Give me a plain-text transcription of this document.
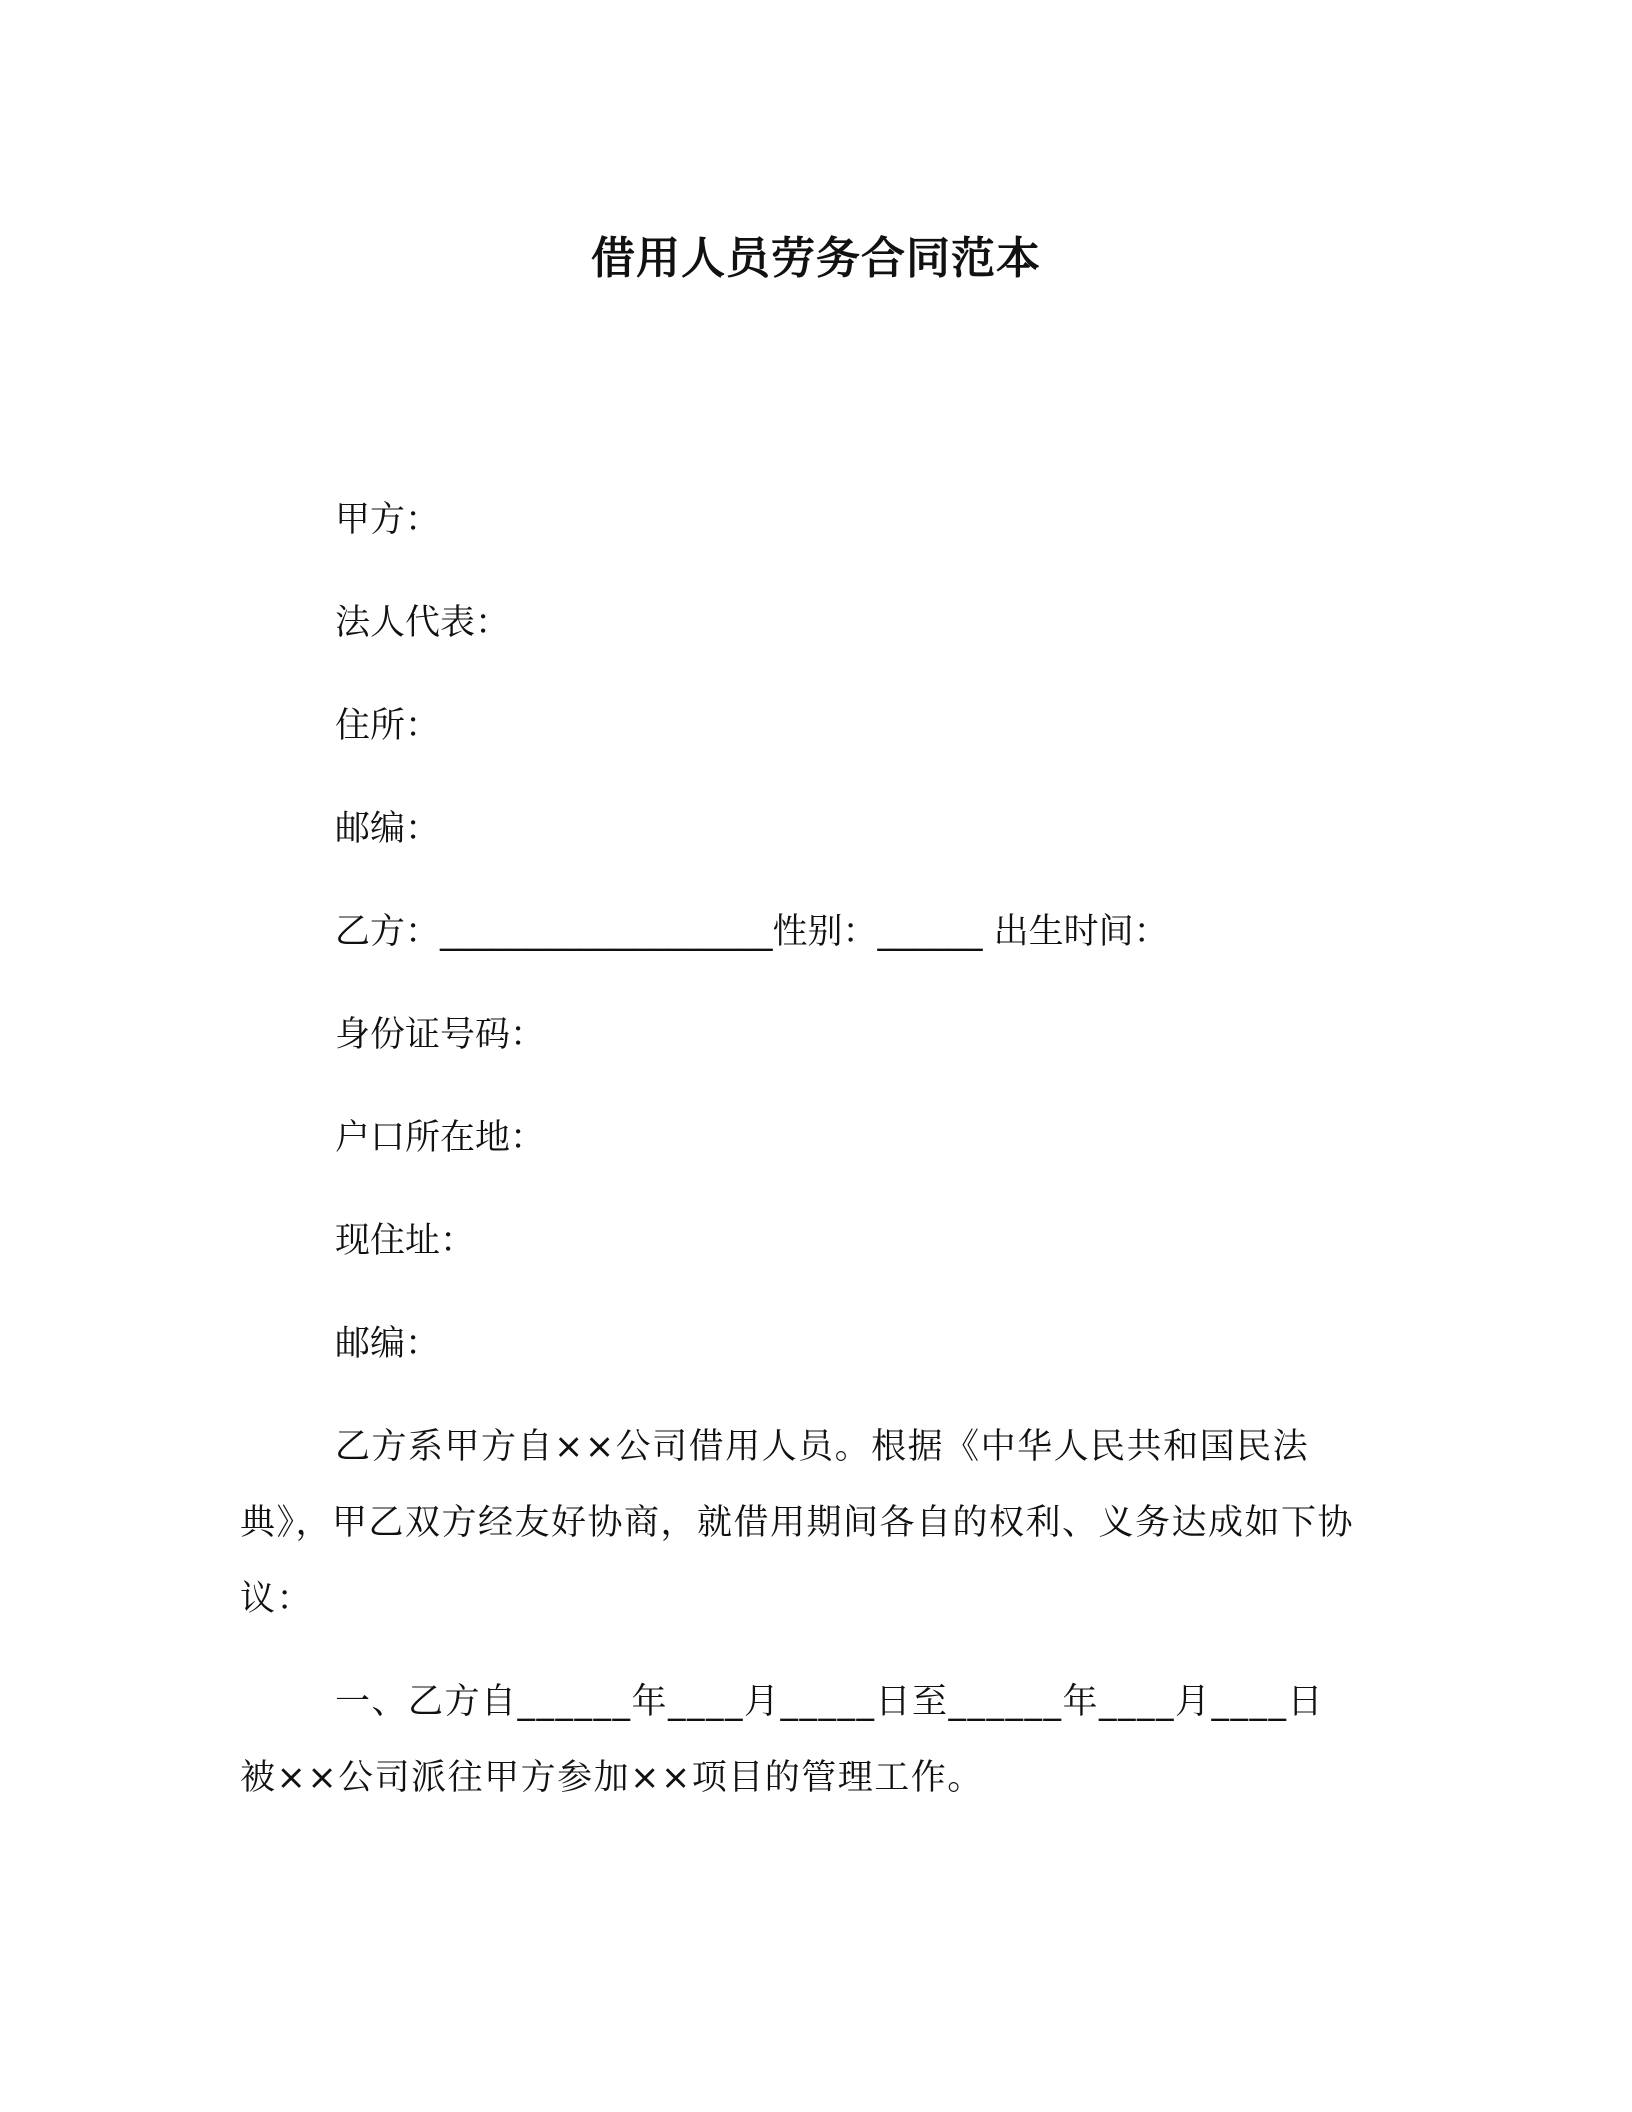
借用人员劳务合同范本
甲方：
法人代表：
住所：
邮编：
乙方：___________________性别：______ 出生时间：
身份证号码：
户口所在地：
现住址：
邮编：
乙方系甲方自××公司借用人员。根据《中华人民共和国民法典》，甲乙双方经友好协商，就借用期间各自的权利、义务达成如下协议：
一、乙方自______年____月_____日至______年____月____日被××公司派往甲方参加××项目的管理工作。
